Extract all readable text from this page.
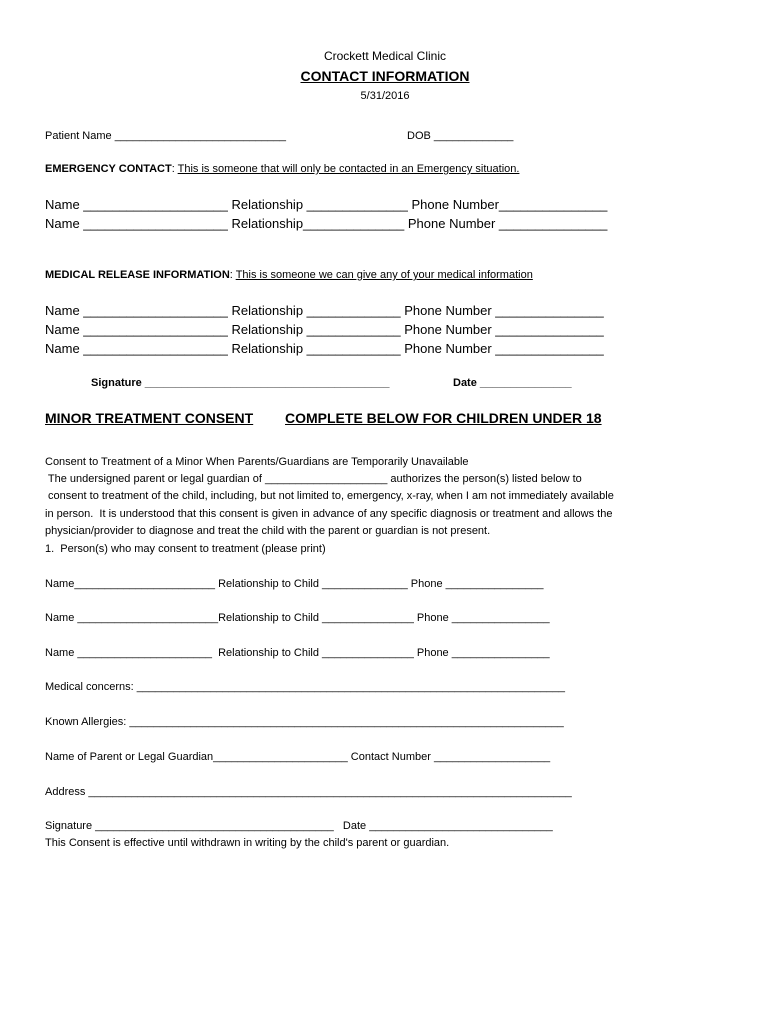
Crockett Medical Clinic
CONTACT INFORMATION
5/31/2016
Patient Name ____________________________	DOB _____________
EMERGENCY CONTACT: This is someone that will only be contacted in an Emergency situation.
Name ____________________ Relationship ______________ Phone Number_______________
Name ____________________ Relationship______________ Phone Number _______________
MEDICAL RELEASE INFORMATION: This is someone we can give any of your medical information
Name ____________________ Relationship _____________ Phone Number _______________
Name ____________________ Relationship _____________ Phone Number _______________
Name ____________________ Relationship _____________ Phone Number _______________
Signature ________________________________________	Date _______________
MINOR TREATMENT CONSENT COMPLETE BELOW FOR CHILDREN UNDER 18
Consent to Treatment of a Minor When Parents/Guardians are Temporarily Unavailable
The undersigned parent or legal guardian of ____________________ authorizes the person(s) listed below to
consent to treatment of the child, including, but not limited to, emergency, x-ray, when I am not immediately available
in person.  It is understood that this consent is given in advance of any specific diagnosis or treatment and allows the
physician/provider to diagnose and treat the child with the parent or guardian is not present.
1.  Person(s) who may consent to treatment (please print)
Name_______________________ Relationship to Child ______________ Phone ________________
Name _______________________Relationship to Child _______________ Phone ________________
Name ______________________  Relationship to Child _______________ Phone ________________
Medical concerns: ______________________________________________________________________
Known Allergies: _______________________________________________________________________
Name of Parent or Legal Guardian______________________ Contact Number ___________________
Address _______________________________________________________________________________
Signature _______________________________________   Date ______________________________
This Consent is effective until withdrawn in writing by the child's parent or guardian.
